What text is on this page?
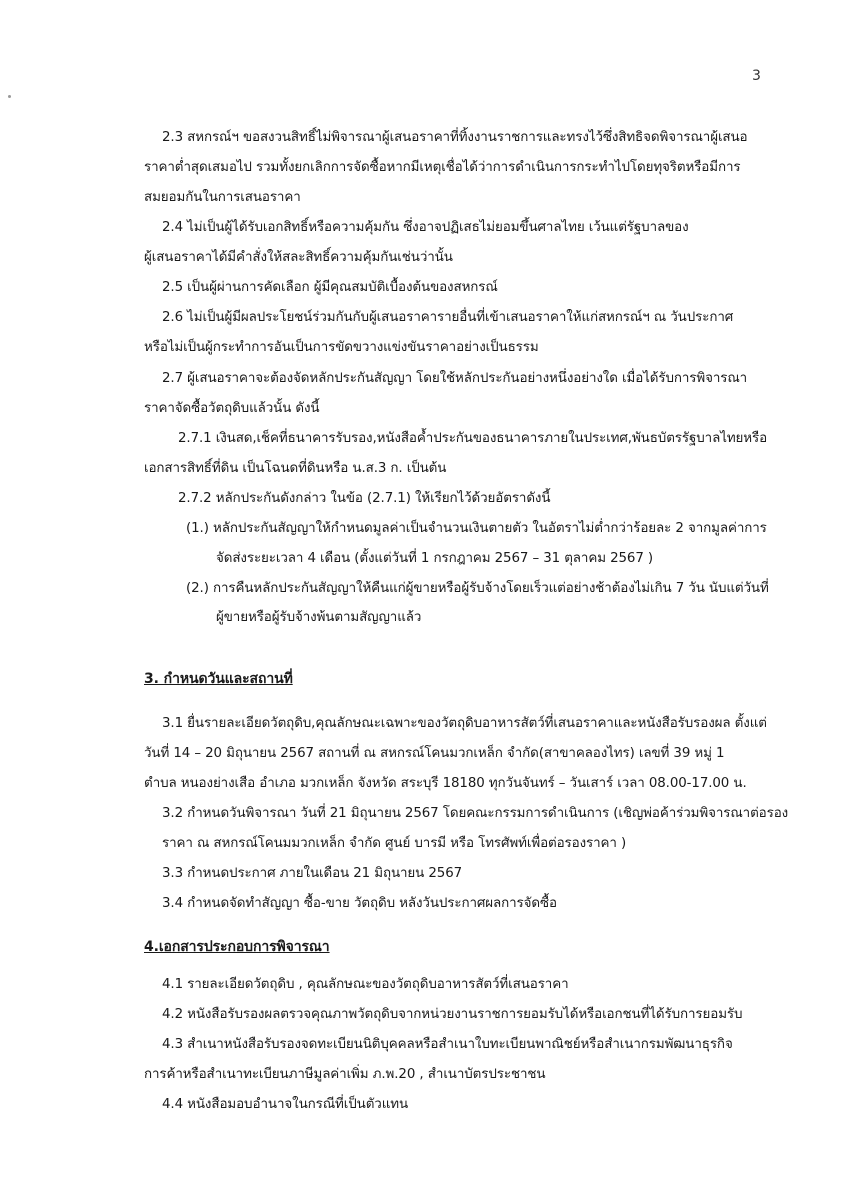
3
2.3 สหกรณ์ฯ ขอสงวนสิทธิ์ไม่พิจารณาผู้เสนอราคาที่ทิ้งงานราชการและทรงไว้ซึ่งสิทธิจดพิจารณาผู้เสนอ
ราคาต่ำสุดเสมอไป รวมทั้งยกเลิกการจัดซื้อหากมีเหตุเชื่อได้ว่าการดำเนินการกระทำไปโดยทุจริตหรือมีการ
สมยอมกันในการเสนอราคา
2.4 ไม่เป็นผู้ได้รับเอกสิทธิ์หรือความคุ้มกัน ซึ่งอาจปฏิเสธไม่ยอมขึ้นศาลไทย เว้นแต่รัฐบาลของ
ผู้เสนอราคาได้มีคำสั่งให้สละสิทธิ์ความคุ้มกันเช่นว่านั้น
2.5 เป็นผู้ผ่านการคัดเลือก ผู้มีคุณสมบัติเบื้องต้นของสหกรณ์
2.6 ไม่เป็นผู้มีผลประโยชน์ร่วมกันกับผู้เสนอราคารายอื่นที่เข้าเสนอราคาให้แก่สหกรณ์ฯ ณ วันประกาศ
หรือไม่เป็นผู้กระทำการอันเป็นการขัดขวางแข่งขันราคาอย่างเป็นธรรม
2.7 ผู้เสนอราคาจะต้องจัดหลักประกันสัญญา โดยใช้หลักประกันอย่างหนึ่งอย่างใด เมื่อได้รับการพิจารณา
ราคาจัดซื้อวัตถุดิบแล้วนั้น ดังนี้
2.7.1 เงินสด,เช็คที่ธนาคารรับรอง,หนังสือค้ำประกันของธนาคารภายในประเทศ,พันธบัตรรัฐบาลไทยหรือ
เอกสารสิทธิ์ที่ดิน เป็นโฉนดที่ดินหรือ น.ส.3 ก. เป็นต้น
2.7.2 หลักประกันดังกล่าว ในข้อ (2.7.1) ให้เรียกไว้ด้วยอัตราดังนี้
(1.) หลักประกันสัญญาให้กำหนดมูลค่าเป็นจำนวนเงินตายตัว ในอัตราไม่ต่ำกว่าร้อยละ 2 จากมูลค่าการ
จัดส่งระยะเวลา 4 เดือน (ตั้งแต่วันที่ 1 กรกฎาคม 2567 – 31 ตุลาคม 2567 )
(2.) การคืนหลักประกันสัญญาให้คืนแก่ผู้ขายหรือผู้รับจ้างโดยเร็วแต่อย่างช้าต้องไม่เกิน 7 วัน นับแต่วันที่
ผู้ขายหรือผู้รับจ้างพ้นตามสัญญาแล้ว
3. กำหนดวันและสถานที่
3.1 ยื่นรายละเอียดวัตถุดิบ,คุณลักษณะเฉพาะของวัตถุดิบอาหารสัตว์ที่เสนอราคาและหนังสือรับรองผล ตั้งแต่
วันที่ 14 – 20 มิถุนายน 2567 สถานที่ ณ สหกรณ์โคนมวกเหล็ก จำกัด(สาขาคลองไทร) เลขที่ 39 หมู่ 1
ตำบล หนองย่างเสือ อำเภอ มวกเหล็ก จังหวัด สระบุรี 18180 ทุกวันจันทร์ – วันเสาร์ เวลา 08.00-17.00 น.
3.2 กำหนดวันพิจารณา วันที่ 21 มิถุนายน 2567 โดยคณะกรรมการดำเนินการ (เชิญพ่อค้าร่วมพิจารณาต่อรอง
ราคา ณ สหกรณ์โคนมมวกเหล็ก จำกัด ศูนย์ บารมี หรือ โทรศัพท์เพื่อต่อรองราคา )
3.3 กำหนดประกาศ ภายในเดือน 21 มิถุนายน 2567
3.4 กำหนดจัดทำสัญญา ซื้อ-ขาย วัตถุดิบ หลังวันประกาศผลการจัดซื้อ
4.เอกสารประกอบการพิจารณา
4.1 รายละเอียดวัตถุดิบ , คุณลักษณะของวัตถุดิบอาหารสัตว์ที่เสนอราคา
4.2 หนังสือรับรองผลตรวจคุณภาพวัตถุดิบจากหน่วยงานราชการยอมรับได้หรือเอกชนที่ได้รับการยอมรับ
4.3 สำเนาหนังสือรับรองจดทะเบียนนิติบุคคลหรือสำเนาใบทะเบียนพาณิชย์หรือสำเนากรมพัฒนาธุรกิจ
การค้าหรือสำเนาทะเบียนภาษีมูลค่าเพิ่ม ภ.พ.20 , สำเนาบัตรประชาชน
4.4 หนังสือมอบอำนาจในกรณีที่เป็นตัวแทน
